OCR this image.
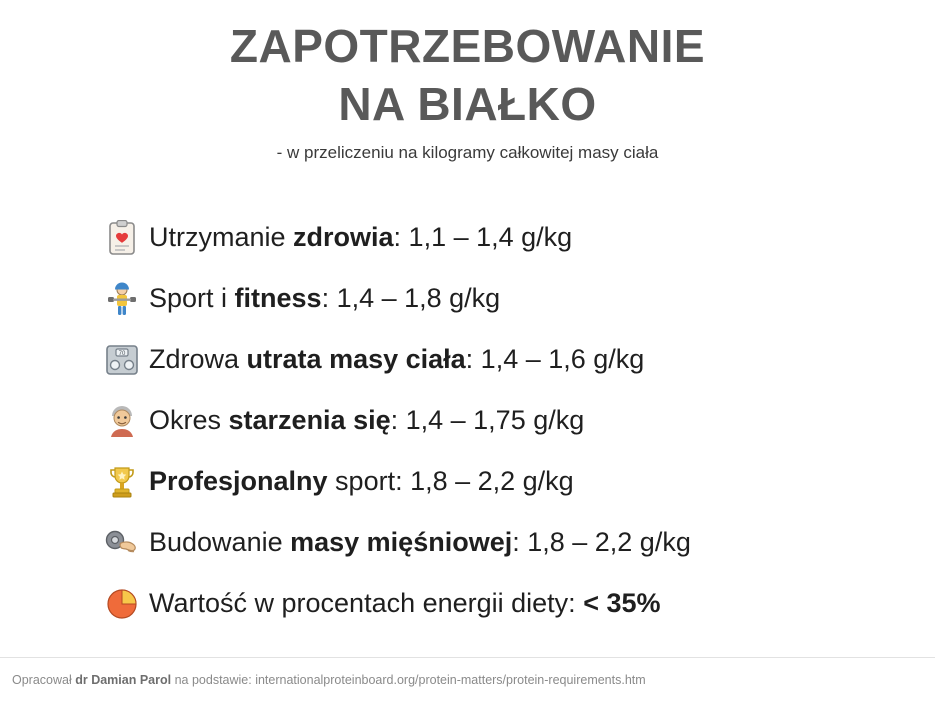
ZAPOTRZEBOWANIE
NA BIAŁKO
- w przeliczeniu na kilogramy całkowitej masy ciała
Utrzymanie zdrowia: 1,1 – 1,4 g/kg
Sport i fitness: 1,4 – 1,8 g/kg
70 Zdrowa utrata masy ciała: 1,4 – 1,6 g/kg
Okres starzenia się: 1,4 – 1,75 g/kg
Profesjonalny sport: 1,8 – 2,2 g/kg
Budowanie masy mięśniowej: 1,8 – 2,2 g/kg
Wartość w procentach energii diety: < 35%
Opracował dr Damian Parol na podstawie: internationalproteinboard.org/protein-matters/protein-requirements.htm
